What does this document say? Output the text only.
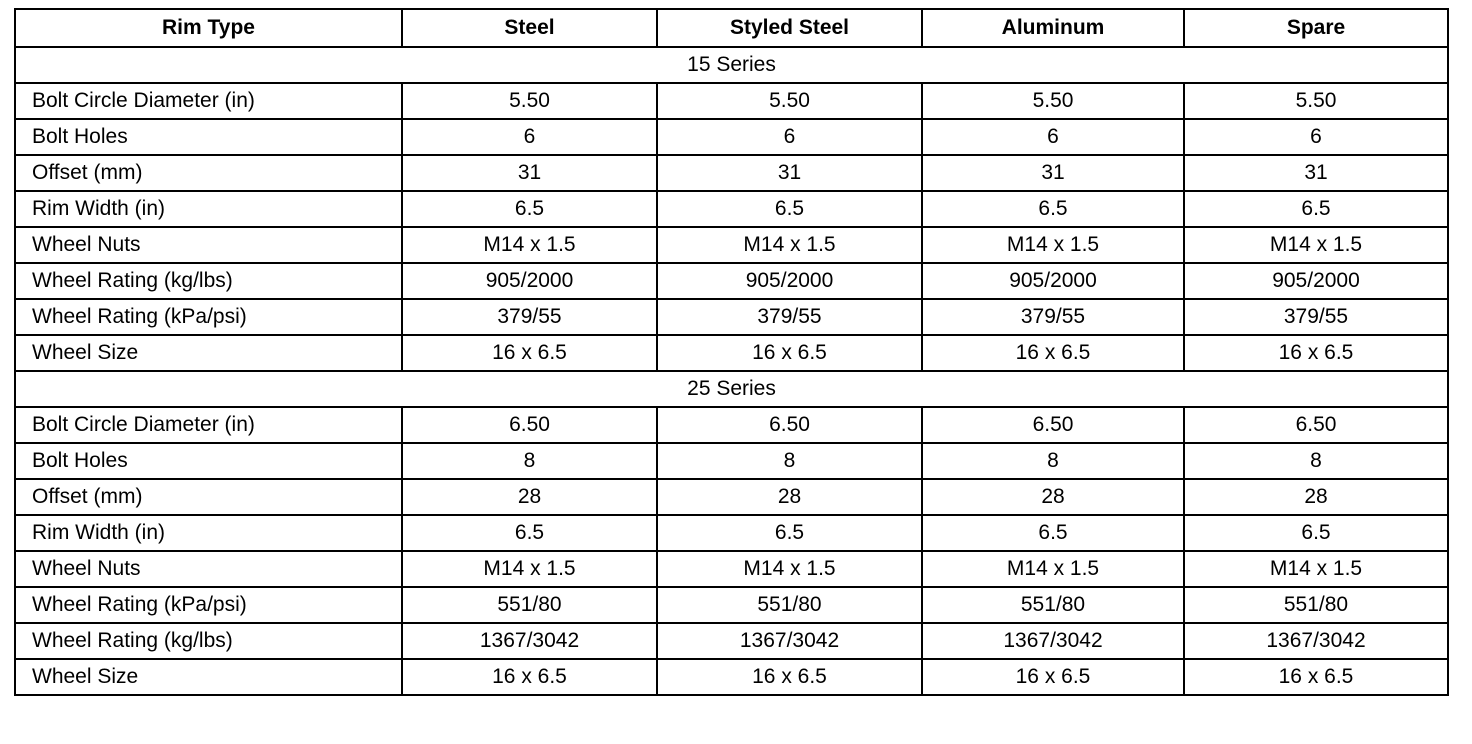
Rim Type	Steel	Styled Steel	Aluminum	Spare
15 Series				
Bolt Circle Diameter (in)	5.50	5.50	5.50	5.50
Bolt Holes	6	6	6	6
Offset (mm)	31	31	31	31
Rim Width (in)	6.5	6.5	6.5	6.5
Wheel Nuts	M14 x 1.5	M14 x 1.5	M14 x 1.5	M14 x 1.5
Wheel Rating (kg/lbs)	905/2000	905/2000	905/2000	905/2000
Wheel Rating (kPa/psi)	379/55	379/55	379/55	379/55
Wheel Size	16 x 6.5	16 x 6.5	16 x 6.5	16 x 6.5
25 Series				
Bolt Circle Diameter (in)	6.50	6.50	6.50	6.50
Bolt Holes	8	8	8	8
Offset (mm)	28	28	28	28
Rim Width (in)	6.5	6.5	6.5	6.5
Wheel Nuts	M14 x 1.5	M14 x 1.5	M14 x 1.5	M14 x 1.5
Wheel Rating (kPa/psi)	551/80	551/80	551/80	551/80
Wheel Rating (kg/lbs)	1367/3042	1367/3042	1367/3042	1367/3042
Wheel Size	16 x 6.5	16 x 6.5	16 x 6.5	16 x 6.5
